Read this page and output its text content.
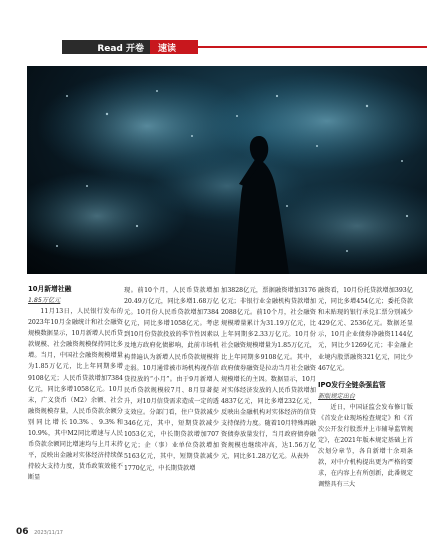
Read 开卷 速读
10月新增社融
1.85万亿元

11月13日，人民银行发布的2023年10月金融统计和社会融资规模数据显示，10月新增人民币贷款规模、社会融资规模保持同比多增。当月，中国社会融资规模增量为1.85万亿元，比上年同期多增9108亿元；人民币贷款增加7384亿元，同比多增1058亿元。10月末，广义货币（M2）余额、社会融资规模存量，人民币贷款余额分别同比增长10.3%、9.3%和10.9%，其中M2同比增速与人民币贷款余额同比增速均与上月末持平，反映出金融对实体经济持续保持较大支持力度，货币政策效能不断显

现。前10个月，人民币贷款增加20.49万亿元，同比多增1.68万亿元。10月份人民币贷款增加7384亿元，同比多增1058亿元。考虑到10月份贷款投放的季节性因素以及地方政府化债影响，此前市场机构普遍认为新增人民币贷款规模将走弱。10月通常被市场机构视作信贷投放的“小月”。由于9月新增人民币贷款规模较7月、8月显著提升，对10月信贷需求造成一定的透支效应。分部门看，住户贷款减少346亿元，其中，短期贷款减少1053亿元，中长期贷款增加707亿元；企（事）业单位贷款增加5163亿元，其中，短期贷款减少1770亿元，中长期贷款增

加3828亿元，票据融资增加3176亿元；非银行业金融机构贷款增加2088亿元。前10个月，社会融资规模增量累计为31.19万亿元，比上年同期多2.33万亿元。10月份社会融资规模增量为1.85万亿元，比上年同期多9108亿元。其中，政府债券融资是拉动当月社会融资规模增长的主因。数据显示，10月对实体经济发放的人民币贷款增加4837亿元，同比多增232亿元，反映出金融机构对实体经济的信贷支持保持力度。随着10月特殊再融资债券放量发行，当月政府债券融资规模也继续冲高，达1.56万亿元，同比多1.28万亿元。从表外

融资看，10月份托贷款增加393亿元，同比多增454亿元；委托贷款和未贴现的银行承兑汇票分别减少429亿元、2536亿元。数据还显示，10月企业债券净融资1144亿元，同比少1269亿元；非金融企业境内股票融资321亿元，同比少467亿元。

IPO发行全链条强监管
新版规定出台

近日，中国证监会发布修订版《首发企业现场检查规定》和《首次公开发行股票并上市辅导监管规定》，在2021年版本规定基础上首次划分章节，各自新增十余项条款，对中介机构提出更为严格的要求，在内容上有所创新，此番规定调整具有三大

06 2023/11/17
